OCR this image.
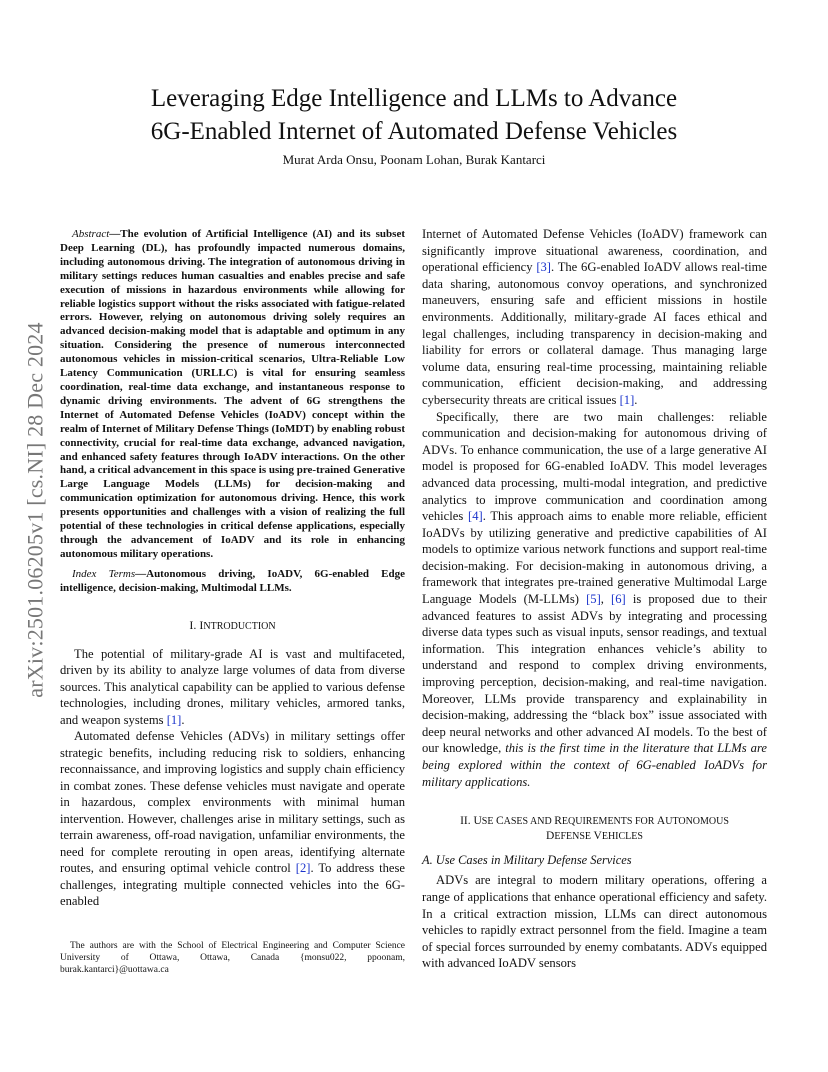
Leveraging Edge Intelligence and LLMs to Advance
6G-Enabled Internet of Automated Defense Vehicles
Murat Arda Onsu, Poonam Lohan, Burak Kantarci
arXiv:2501.06205v1 [cs.NI] 28 Dec 2024

Abstract—The evolution of Artificial Intelligence (AI) and its subset Deep Learning (DL), has profoundly impacted numerous domains, including autonomous driving. The integration of autonomous driving in military settings reduces human casualties and enables precise and safe execution of missions in hazardous environments while allowing for reliable logistics support without the risks associated with fatigue-related errors. However, relying on autonomous driving solely requires an advanced decision-making model that is adaptable and optimum in any situation. Considering the presence of numerous interconnected autonomous vehicles in mission-critical scenarios, Ultra-Reliable Low Latency Communication (URLLC) is vital for ensuring seamless coordination, real-time data exchange, and instantaneous response to dynamic driving environments. The advent of 6G strengthens the Internet of Automated Defense Vehicles (IoADV) concept within the realm of Internet of Military Defense Things (IoMDT) by enabling robust connectivity, crucial for real-time data exchange, advanced navigation, and enhanced safety features through IoADV interactions. On the other hand, a critical advancement in this space is using pre-trained Generative Large Language Models (LLMs) for decision-making and communication optimization for autonomous driving. Hence, this work presents opportunities and challenges with a vision of realizing the full potential of these technologies in critical defense applications, especially through the advancement of IoADV and its role in enhancing autonomous military operations.

Index Terms—Autonomous driving, IoADV, 6G-enabled Edge intelligence, decision-making, Multimodal LLMs.

I. INTRODUCTION

The potential of military-grade AI is vast and multifaceted, driven by its ability to analyze large volumes of data from diverse sources. This analytical capability can be applied to various defense technologies, including drones, military vehicles, armored tanks, and weapon systems [1].

Automated defense Vehicles (ADVs) in military settings offer strategic benefits, including reducing risk to soldiers, enhancing reconnaissance, and improving logistics and supply chain efficiency in combat zones. These defense vehicles must navigate and operate in hazardous, complex environments with minimal human intervention. However, challenges arise in military settings, such as terrain awareness, off-road navigation, unfamiliar environments, the need for complete rerouting in open areas, identifying alternate routes, and ensuring optimal vehicle control [2]. To address these challenges, integrating multiple connected vehicles into the 6G-enabled

The authors are with the School of Electrical Engineering and Computer Science University of Ottawa, Ottawa, Canada {monsu022, ppoonam, burak.kantarci}@uottawa.ca

Internet of Automated Defense Vehicles (IoADV) framework can significantly improve situational awareness, coordination, and operational efficiency [3]. The 6G-enabled IoADV allows real-time data sharing, autonomous convoy operations, and synchronized maneuvers, ensuring safe and efficient missions in hostile environments. Additionally, military-grade AI faces ethical and legal challenges, including transparency in decision-making and liability for errors or collateral damage. Thus managing large volume data, ensuring real-time processing, maintaining reliable communication, efficient decision-making, and addressing cybersecurity threats are critical issues [1].

Specifically, there are two main challenges: reliable communication and decision-making for autonomous driving of ADVs. To enhance communication, the use of a large generative AI model is proposed for 6G-enabled IoADV. This model leverages advanced data processing, multi-modal integration, and predictive analytics to improve communication and coordination among vehicles [4]. This approach aims to enable more reliable, efficient IoADVs by utilizing generative and predictive capabilities of AI models to optimize various network functions and support real-time decision-making. For decision-making in autonomous driving, a framework that integrates pre-trained generative Multimodal Large Language Models (M-LLMs) [5], [6] is proposed due to their advanced features to assist ADVs by integrating and processing diverse data types such as visual inputs, sensor readings, and textual information. This integration enhances vehicle’s ability to understand and respond to complex driving environments, improving perception, decision-making, and real-time navigation. Moreover, LLMs provide transparency and explainability in decision-making, addressing the “black box” issue associated with deep neural networks and other advanced AI models. To the best of our knowledge, this is the first time in the literature that LLMs are being explored within the context of 6G-enabled IoADVs for military applications.

II. USE CASES AND REQUIREMENTS FOR AUTONOMOUS
DEFENSE VEHICLES
A. Use Cases in Military Defense Services

ADVs are integral to modern military operations, offering a range of applications that enhance operational efficiency and safety. In a critical extraction mission, LLMs can direct autonomous vehicles to rapidly extract personnel from the field. Imagine a team of special forces surrounded by enemy combatants. ADVs equipped with advanced IoADV sensors
